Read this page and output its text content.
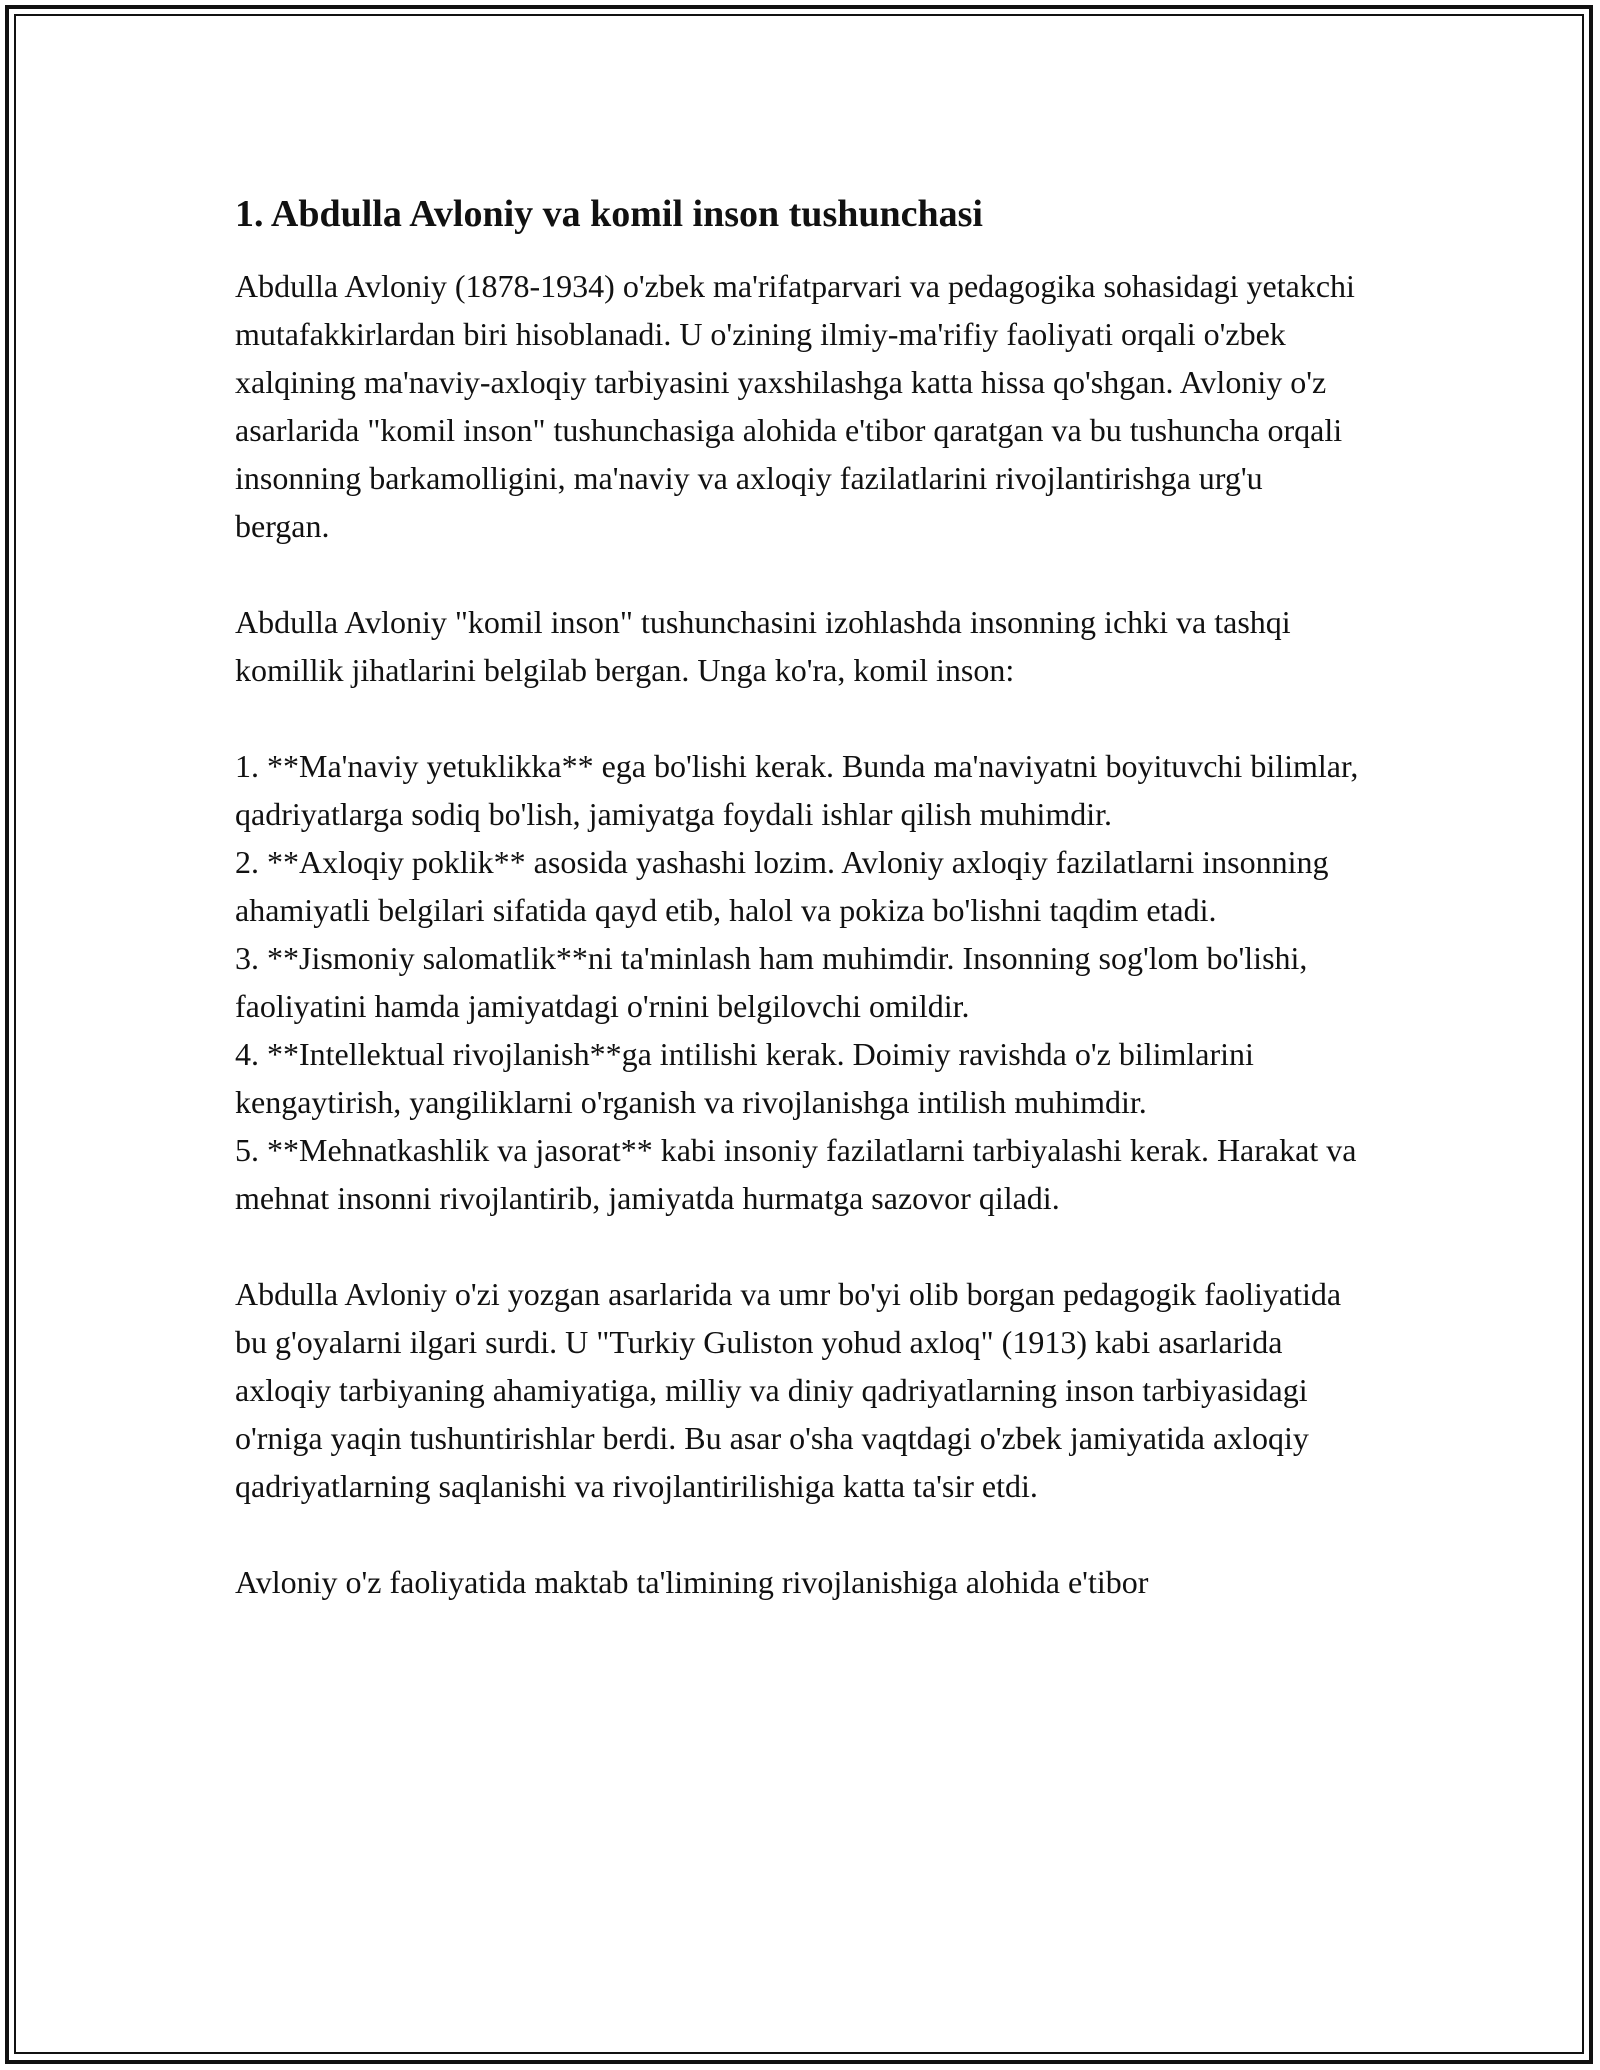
1. Abdulla Avloniy va komil inson tushunchasi

Abdulla Avloniy (1878-1934) o'zbek ma'rifatparvari va pedagogika sohasidagi yetakchi mutafakkirlardan biri hisoblanadi. U o'zining ilmiy-ma'rifiy faoliyati orqali o'zbek xalqining ma'naviy-axloqiy tarbiyasini yaxshilashga katta hissa qo'shgan. Avloniy o'z asarlarida "komil inson" tushunchasiga alohida e'tibor qaratgan va bu tushuncha orqali insonning barkamolligini, ma'naviy va axloqiy fazilatlarini rivojlantirishga urg'u bergan.

Abdulla Avloniy "komil inson" tushunchasini izohlashda insonning ichki va tashqi komillik jihatlarini belgilab bergan. Unga ko'ra, komil inson:

1. **Ma'naviy yetuklikka** ega bo'lishi kerak. Bunda ma'naviyatni boyituvchi bilimlar, qadriyatlarga sodiq bo'lish, jamiyatga foydali ishlar qilish muhimdir.

2. **Axloqiy poklik** asosida yashashi lozim. Avloniy axloqiy fazilatlarni insonning ahamiyatli belgilari sifatida qayd etib, halol va pokiza bo'lishni taqdim etadi.

3. **Jismoniy salomatlik**ni ta'minlash ham muhimdir. Insonning sog'lom bo'lishi, faoliyatini hamda jamiyatdagi o'rnini belgilovchi omildir.

4. **Intellektual rivojlanish**ga intilishi kerak. Doimiy ravishda o'z bilimlarini kengaytirish, yangiliklarni o'rganish va rivojlanishga intilish muhimdir.

5. **Mehnatkashlik va jasorat** kabi insoniy fazilatlarni tarbiyalashi kerak. Harakat va mehnat insonni rivojlantirib, jamiyatda hurmatga sazovor qiladi.

Abdulla Avloniy o'zi yozgan asarlarida va umr bo'yi olib borgan pedagogik faoliyatida bu g'oyalarni ilgari surdi. U "Turkiy Guliston yohud axloq" (1913) kabi asarlarida axloqiy tarbiyaning ahamiyatiga, milliy va diniy qadriyatlarning inson tarbiyasidagi o'rniga yaqin tushuntirishlar berdi. Bu asar o'sha vaqtdagi o'zbek jamiyatida axloqiy qadriyatlarning saqlanishi va rivojlantirilishiga katta ta'sir etdi.

Avloniy o'z faoliyatida maktab ta'limining rivojlanishiga alohida e'tibor
